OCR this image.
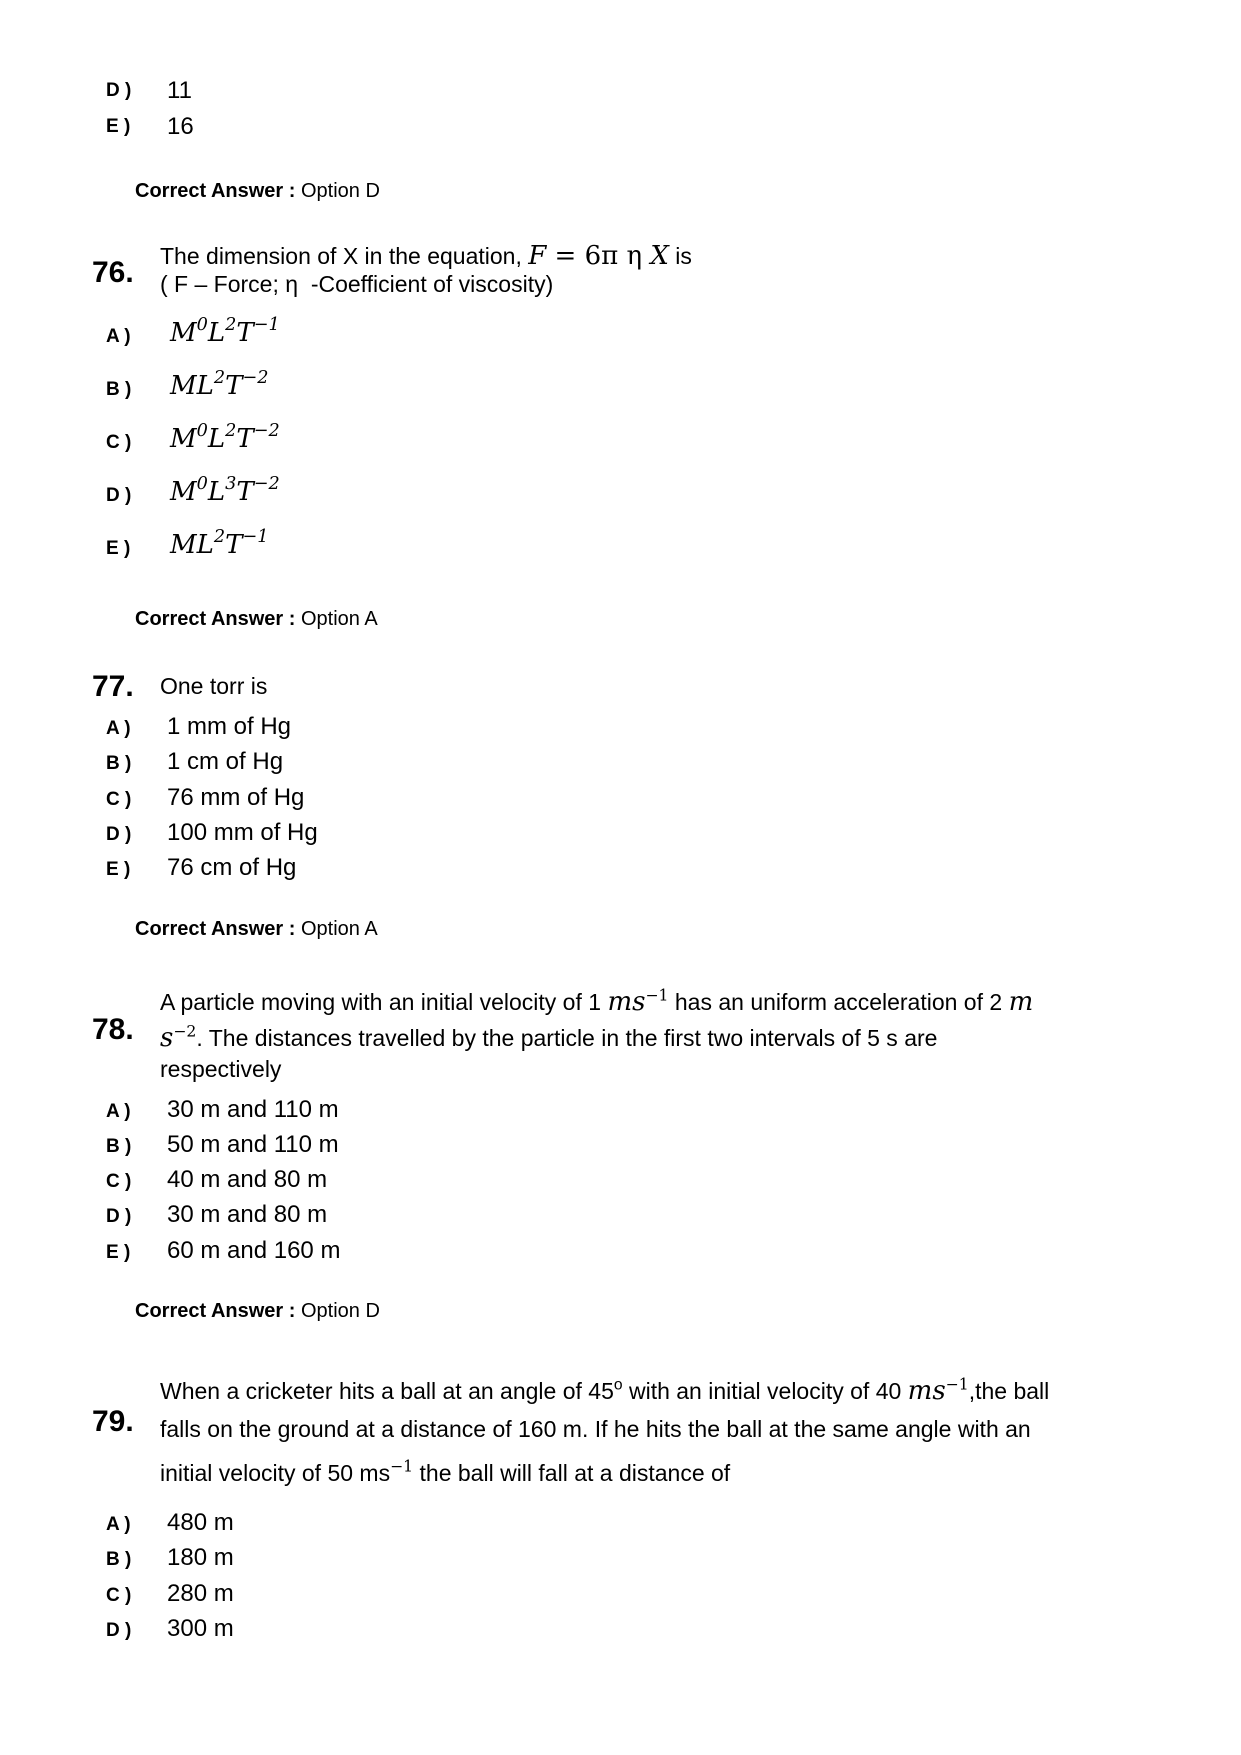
D ) 11
E ) 16
Correct Answer : Option D
76. The dimension of X in the equation, F = 6π η X is
( F – Force; η  -Coefficient of viscosity)
A ) $M^0L^2T^{-1}$
B ) $ML^2T^{-2}$
C ) $M^0L^2T^{-2}$
D ) $M^0L^3T^{-2}$
E ) $ML^2T^{-1}$
Correct Answer : Option A
77. One torr is
A ) 1 mm of Hg
B ) 1 cm of Hg
C ) 76 mm of Hg
D ) 100 mm of Hg
E ) 76 cm of Hg
Correct Answer : Option A
78.
A particle moving with an initial velocity of 1 $ms^{-1}$ has an uniform acceleration of 2 m
$s^{-2}$. The distances travelled by the particle in the first two intervals of 5 s are
respectively
A ) 30 m and 110 m
B ) 50 m and 110 m
C ) 40 m and 80 m
D ) 30 m and 80 m
E ) 60 m and 160 m
Correct Answer : Option D
79.
When a cricketer hits a ball at an angle of 45$^o$ with an initial velocity of 40 $ms^{-1},the$ ball
falls on the ground at a distance of 160 m. If he hits the ball at the same angle with an
initial velocity of 50 $ms^{-1}$ the ball will fall at a distance of
A ) 480 m
B ) 180 m
C ) 280 m
D ) 300 m
